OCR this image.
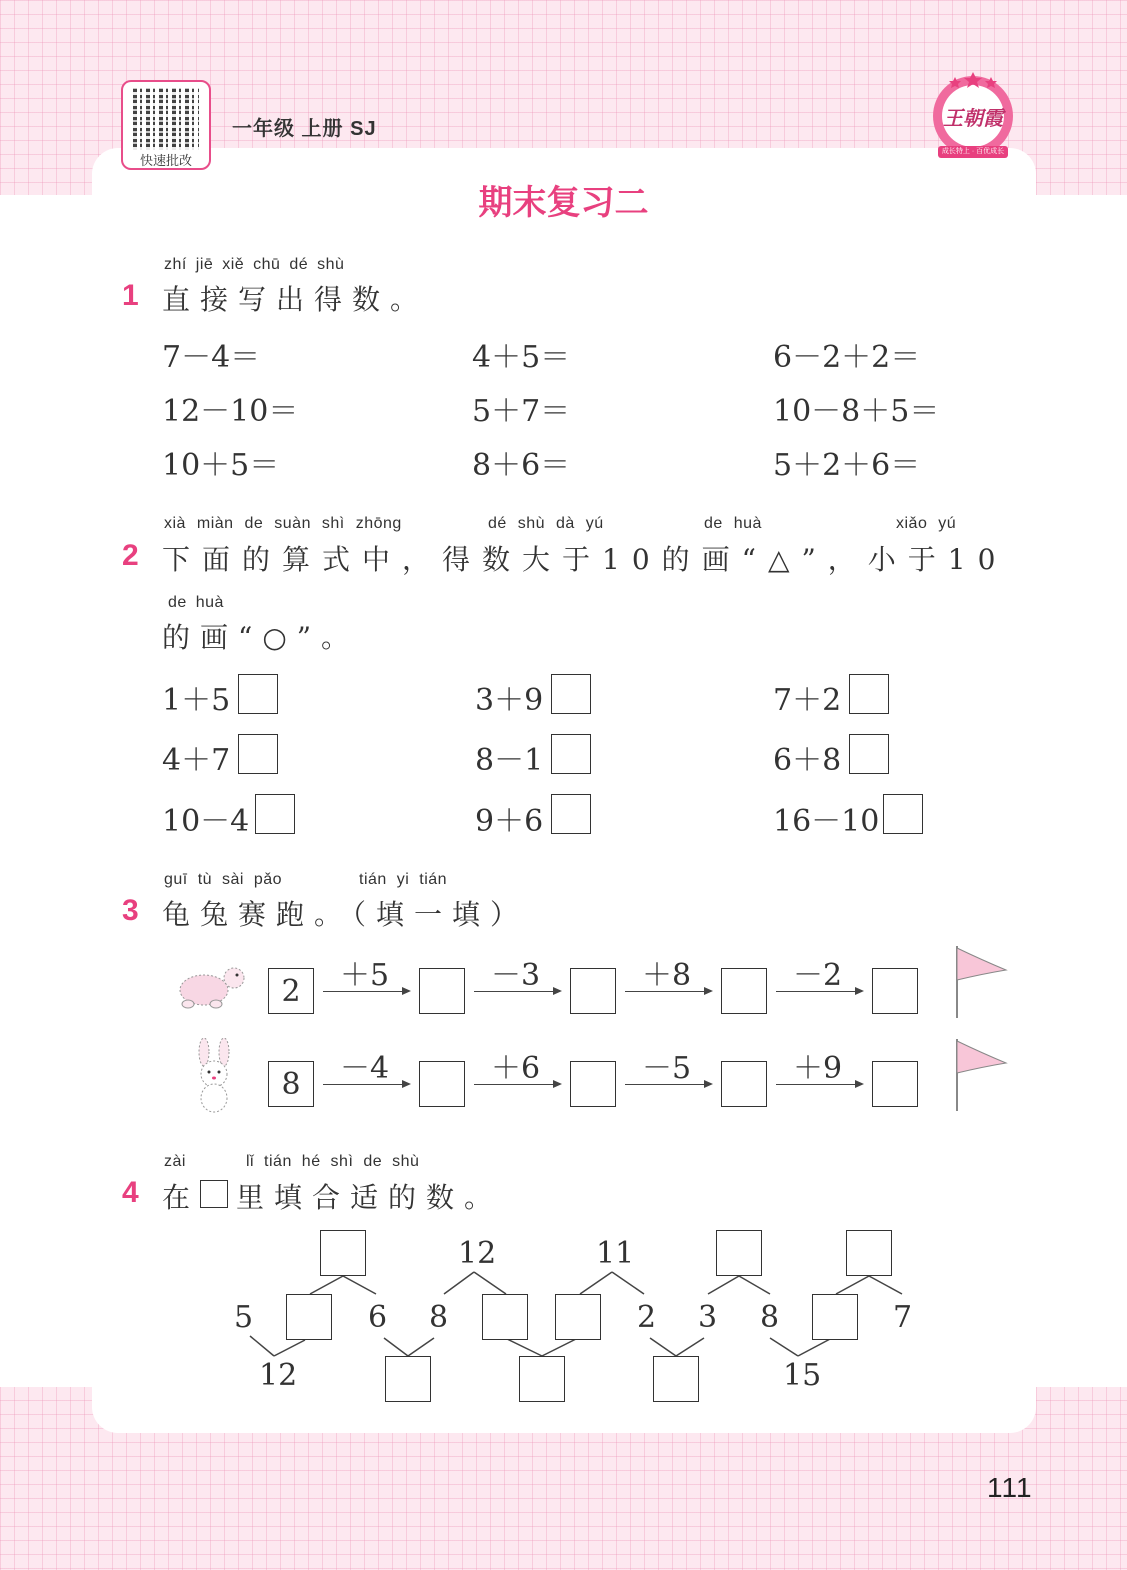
快速批改
一年级 上册 SJ	王朝霞
成长特上 · 百优成长
期末复习二
1
zhí jiē xiě chū dé shù
直接写出得数。
7－4＝	4＋5＝	6－2＋2＝
12－10＝	5＋7＝	10－8＋5＝
10＋5＝	8＋6＝	5＋2＋6＝
2
xià miàn de suàn shì zhōng	dé shù dà yú	de huà	xiǎo yú
下面的算式中，得数大于10的画“△”，小于10
de huà
的画“○”。
1＋5	3＋9	7＋2
4＋7	8－1	6＋8
10－4	9＋6	16－10
3
guī tù sài pǎo	tián yi tián
龟兔赛跑。（填一填）
2	＋5	－3	＋8	－2
8	－4	＋6	－5	＋9
4
zài	lǐ tián hé shì de shù
在 里填合适的数。
12	11
5	6 8	2 3 8	7
12	15
111
